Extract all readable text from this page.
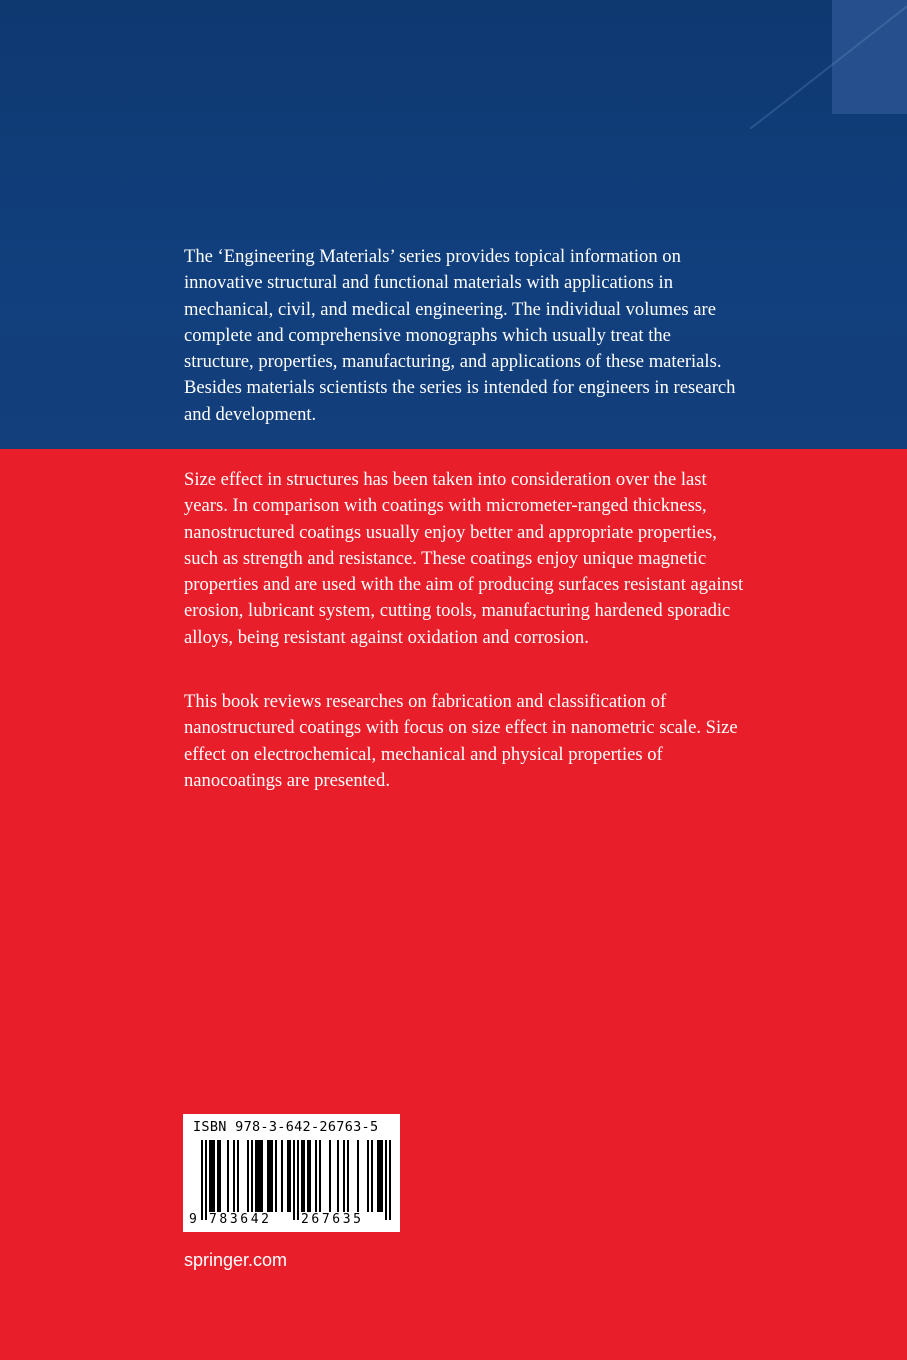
The ‘Engineering Materials’ series provides topical information on innovative structural and functional materials with applications in mechanical, civil, and medical engineering. The individual volumes are complete and comprehensive monographs which usually treat the structure, properties, manufacturing, and applications of these materials. Besides materials scientists the series is intended for engineers in research and development.

Size effect in structures has been taken into consideration over the last years. In comparison with coatings with micrometer-ranged thickness, nanostructured coatings usually enjoy better and appropriate properties, such as strength and resistance. These coatings enjoy unique magnetic properties and are used with the aim of producing surfaces resistant against erosion, lubricant system, cutting tools, manufacturing hardened sporadic alloys, being resistant against oxidation and corrosion.

This book reviews researches on fabrication and classification of nanostructured coatings with focus on size effect in nanometric scale. Size effect on electrochemical, mechanical and physical properties of nanocoatings are presented.

ISBN 978-3-642-26763-5
9 783642 267635
springer.com
